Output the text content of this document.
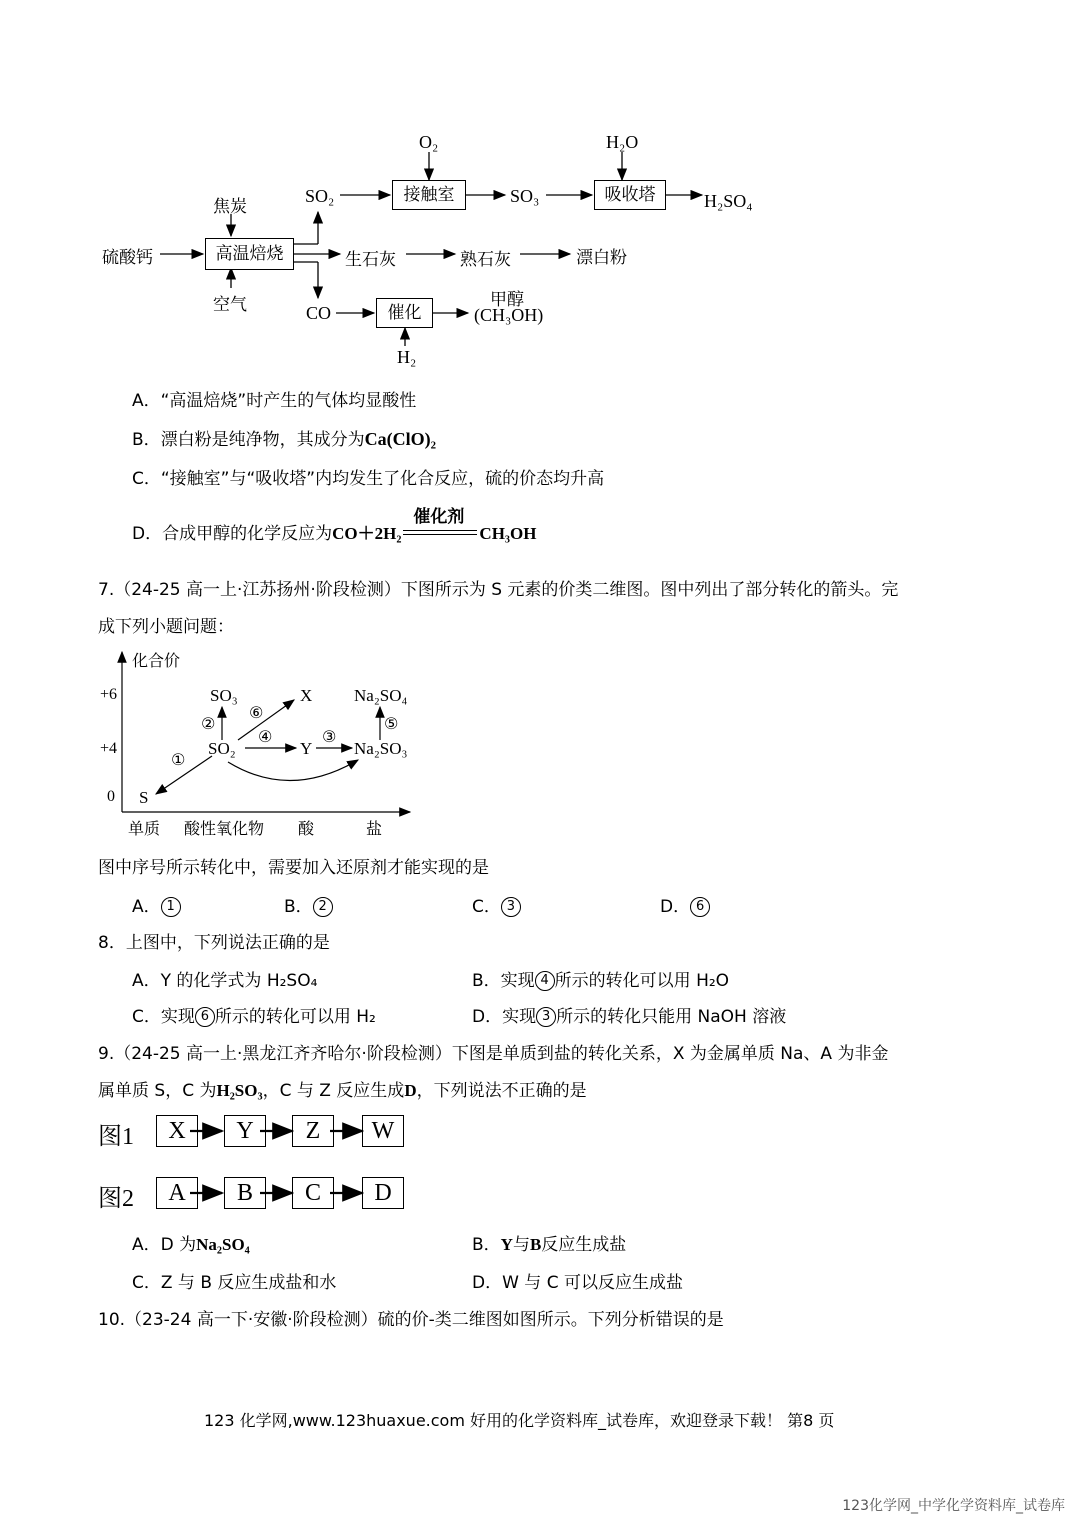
硫酸钙	高温焙烧
焦炭
空气
SO₂
O₂
接触室	SO₃
H₂O
吸收塔	H₂SO₄
生石灰	熟石灰	漂白粉
CO	催化
H₂
甲醇
(CH₃OH)
A．“高温焙烧”时产生的气体均显酸性
B．漂白粉是纯净物，其成分为Ca(ClO)₂
C．“接触室”与“吸收塔”内均发生了化合反应，硫的价态均升高
D．合成甲醇的化学反应为CO＋2H₂
催化剂
CH₃OH
7.（24-25 高一上·江苏扬州·阶段检测）下图所示为 S 元素的价类二维图。图中列出了部分转化的箭头。完
成下列小题问题：
化合价
+6
+4
0
单质 酸性氧化物 酸	盐
S
SO₂
SO₃	X
Y Na₂SO₃
Na₂SO₄
①
②
③
④
⑤
⑥
图中序号所示转化中，需要加入还原剂才能实现的是
A． 1	B． 2	C． 3	D． 6
8．上图中，下列说法正确的是
A．Y 的化学式为 H₂SO₄	B．实现 4 所示的转化可以用 H₂O
C．实现 6 所示的转化可以用 H₂	D．实现 3 所示的转化只能用 NaOH 溶液
9.（24-25 高一上·黑龙江齐齐哈尔·阶段检测）下图是单质到盐的转化关系，X 为金属单质 Na、A 为非金
属单质 S，C 为H₂SO₃，C 与 Z 反应生成D，下列说法不正确的是
图1	X	Y	Z	W
图2	A	B	C	D
A．D 为Na₂SO₄	B．Y与B反应生成盐
C．Z 与 B 反应生成盐和水	D．W 与 C 可以反应生成盐
10.（23-24 高一下·安徽·阶段检测）硫的价-类二维图如图所示。下列分析错误的是
123 化学网,www.123huaxue.com 好用的化学资料库_试卷库，欢迎登录下载！ 第8 页
123化学网_中学化学资料库_试卷库
